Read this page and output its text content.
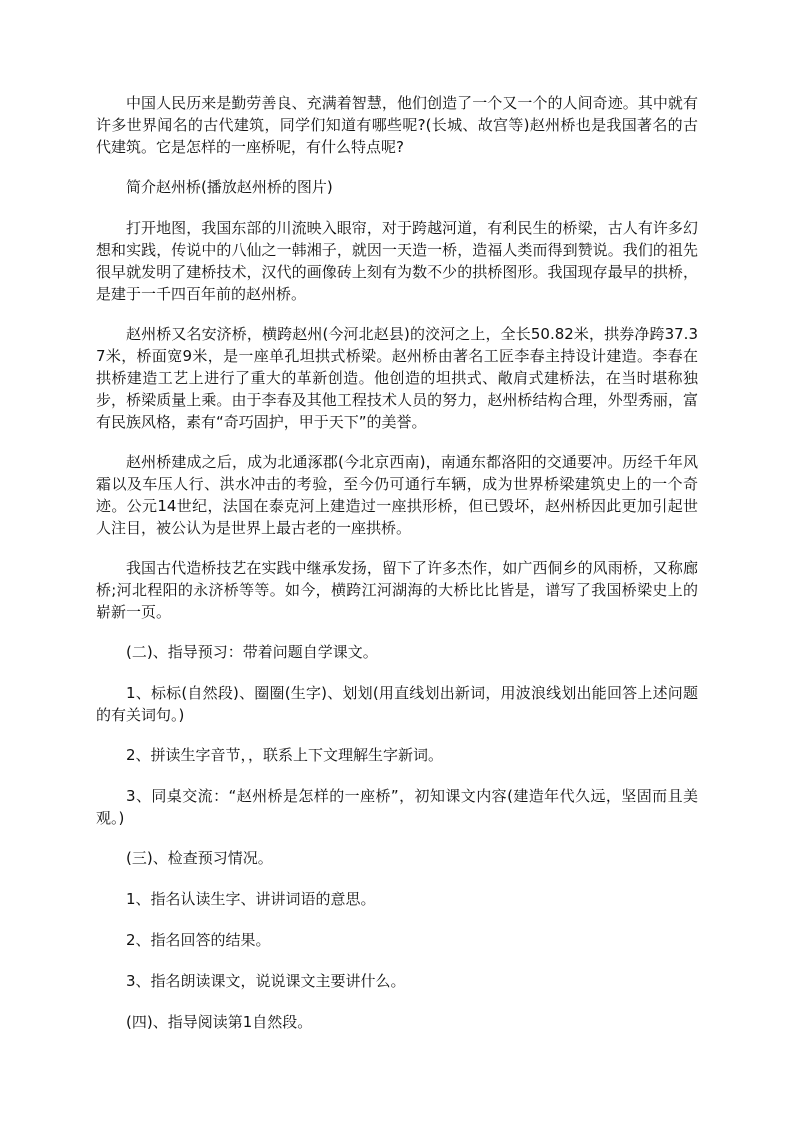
中国人民历来是勤劳善良、充满着智慧，他们创造了一个又一个的人间奇迹。其中就有许多世界闻名的古代建筑，同学们知道有哪些呢?(长城、故宫等)赵州桥也是我国著名的古代建筑。它是怎样的一座桥呢，有什么特点呢?

简介赵州桥(播放赵州桥的图片)

打开地图，我国东部的川流映入眼帘，对于跨越河道，有利民生的桥梁，古人有许多幻想和实践，传说中的八仙之一韩湘子，就因一天造一桥，造福人类而得到赞说。我们的祖先很早就发明了建桥技术，汉代的画像砖上刻有为数不少的拱桥图形。我国现存最早的拱桥，是建于一千四百年前的赵州桥。

赵州桥又名安济桥，横跨赵州(今河北赵县)的洨河之上，全长50.82米，拱券净跨37.37米，桥面宽9米，是一座单孔坦拱式桥梁。赵州桥由著名工匠李春主持设计建造。李春在拱桥建造工艺上进行了重大的革新创造。他创造的坦拱式、敞肩式建桥法，在当时堪称独步，桥梁质量上乘。由于李春及其他工程技术人员的努力，赵州桥结构合理，外型秀丽，富有民族风格，素有“奇巧固护，甲于天下”的美誉。

赵州桥建成之后，成为北通涿郡(今北京西南)，南通东都洛阳的交通要冲。历经千年风霜以及车压人行、洪水冲击的考验，至今仍可通行车辆，成为世界桥梁建筑史上的一个奇迹。公元14世纪，法国在泰克河上建造过一座拱形桥，但已毁坏，赵州桥因此更加引起世人注目，被公认为是世界上最古老的一座拱桥。

我国古代造桥技艺在实践中继承发扬，留下了许多杰作，如广西侗乡的风雨桥，又称廊桥;河北程阳的永济桥等等。如今，横跨江河湖海的大桥比比皆是，谱写了我国桥梁史上的崭新一页。

(二)、指导预习：带着问题自学课文。

1、标标(自然段)、圈圈(生字)、划划(用直线划出新词，用波浪线划出能回答上述问题的有关词句。)

2、拼读生字音节，，联系上下文理解生字新词。

3、同桌交流：“赵州桥是怎样的一座桥”，初知课文内容(建造年代久远，坚固而且美观。)

(三)、检查预习情况。

1、指名认读生字、讲讲词语的意思。

2、指名回答的结果。

3、指名朗读课文，说说课文主要讲什么。

(四)、指导阅读第1自然段。
